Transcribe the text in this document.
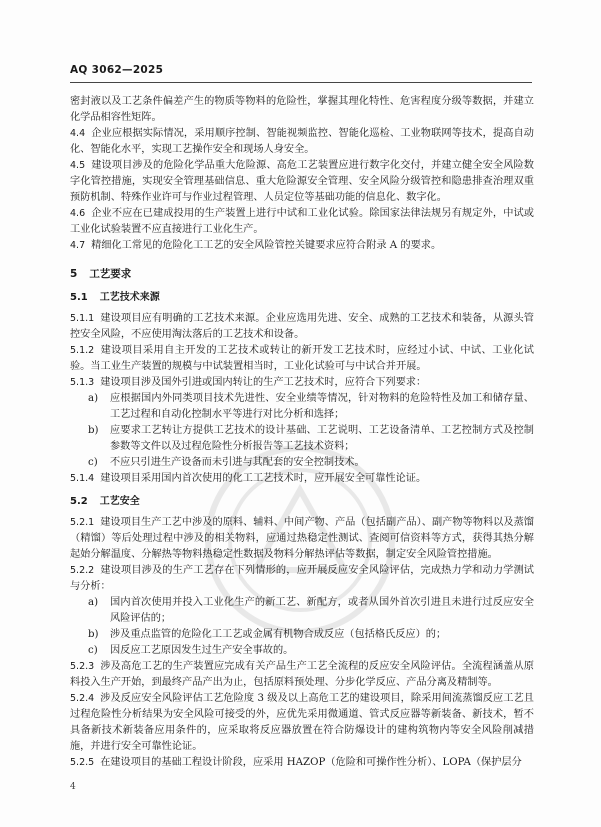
AQ 3062—2025

密封液以及工艺条件偏差产生的物质等物料的危险性，掌握其理化特性、危害程度分级等数据，并建立化学品相容性矩阵。

4.4 企业应根据实际情况，采用顺序控制、智能视频监控、智能化巡检、工业物联网等技术，提高自动化、智能化水平，实现工艺操作安全和现场人身安全。

4.5 建设项目涉及的危险化学品重大危险源、高危工艺装置应进行数字化交付，并建立健全安全风险数字化管控措施，实现安全管理基础信息、重大危险源安全管理、安全风险分级管控和隐患排查治理双重预防机制、特殊作业许可与作业过程管理、人员定位等基础功能的信息化、数字化。

4.6 企业不应在已建成投用的生产装置上进行中试和工业化试验。除国家法律法规另有规定外，中试或工业化试验装置不应直接进行工业化生产。

4.7 精细化工常见的危险化工工艺的安全风险管控关键要求应符合附录 A 的要求。

5 工艺要求
5.1 工艺技术来源

5.1.1 建设项目应有明确的工艺技术来源。企业应选用先进、安全、成熟的工艺技术和装备，从源头管控安全风险，不应使用淘汰落后的工艺技术和设备。

5.1.2 建设项目采用自主开发的工艺技术或转让的新开发工艺技术时，应经过小试、中试、工业化试验。当工业生产装置的规模与中试装置相当时，工业化试验可与中试合并开展。

5.1.3 建设项目涉及国外引进或国内转让的生产工艺技术时，应符合下列要求：

a)	应根据国内外同类项目技术先进性、安全业绩等情况，针对物料的危险特性及加工和储存量、工艺过程和自动化控制水平等进行对比分析和选择；
b)	应要求工艺转让方提供工艺技术的设计基础、工艺说明、工艺设备清单、工艺控制方式及控制参数等文件以及过程危险性分析报告等工艺技术资料；
c)	不应只引进生产设备而未引进与其配套的安全控制技术。

5.1.4 建设项目采用国内首次使用的化工工艺技术时，应开展安全可靠性论证。

5.2 工艺安全

5.2.1 建设项目生产工艺中涉及的原料、辅料、中间产物、产品（包括副产品）、副产物等物料以及蒸馏（精馏）等后处理过程中涉及的相关物料，应通过热稳定性测试、查阅可信资料等方式，获得其热分解起始分解温度、分解热等物料热稳定性数据及物料分解热评估等数据，制定安全风险管控措施。

5.2.2 建设项目涉及的生产工艺存在下列情形的，应开展反应安全风险评估，完成热力学和动力学测试与分析：

a)	国内首次使用并投入工业化生产的新工艺、新配方，或者从国外首次引进且未进行过反应安全风险评估的；
b)	涉及重点监管的危险化工工艺或金属有机物合成反应（包括格氏反应）的；
c)	因反应工艺原因发生过生产安全事故的。

5.2.3 涉及高危工艺的生产装置应完成有关产品生产工艺全流程的反应安全风险评估。全流程涵盖从原料投入生产开始，到最终产品产出为止，包括原料预处理、分步化学反应、产品分离及精制等。

5.2.4 涉及反应安全风险评估工艺危险度 3 级及以上高危工艺的建设项目，除采用间流蒸馏反应工艺且过程危险性分析结果为安全风险可接受的外，应优先采用微通道、管式反应器等新装备、新技术，暂不具备新技术新装备应用条件的，应采取将反应器放置在符合防爆设计的建构筑物内等安全风险削减措施，并进行安全可靠性论证。

5.2.5 在建设项目的基础工程设计阶段，应采用 HAZOP（危险和可操作性分析）、LOPA（保护层分

4
